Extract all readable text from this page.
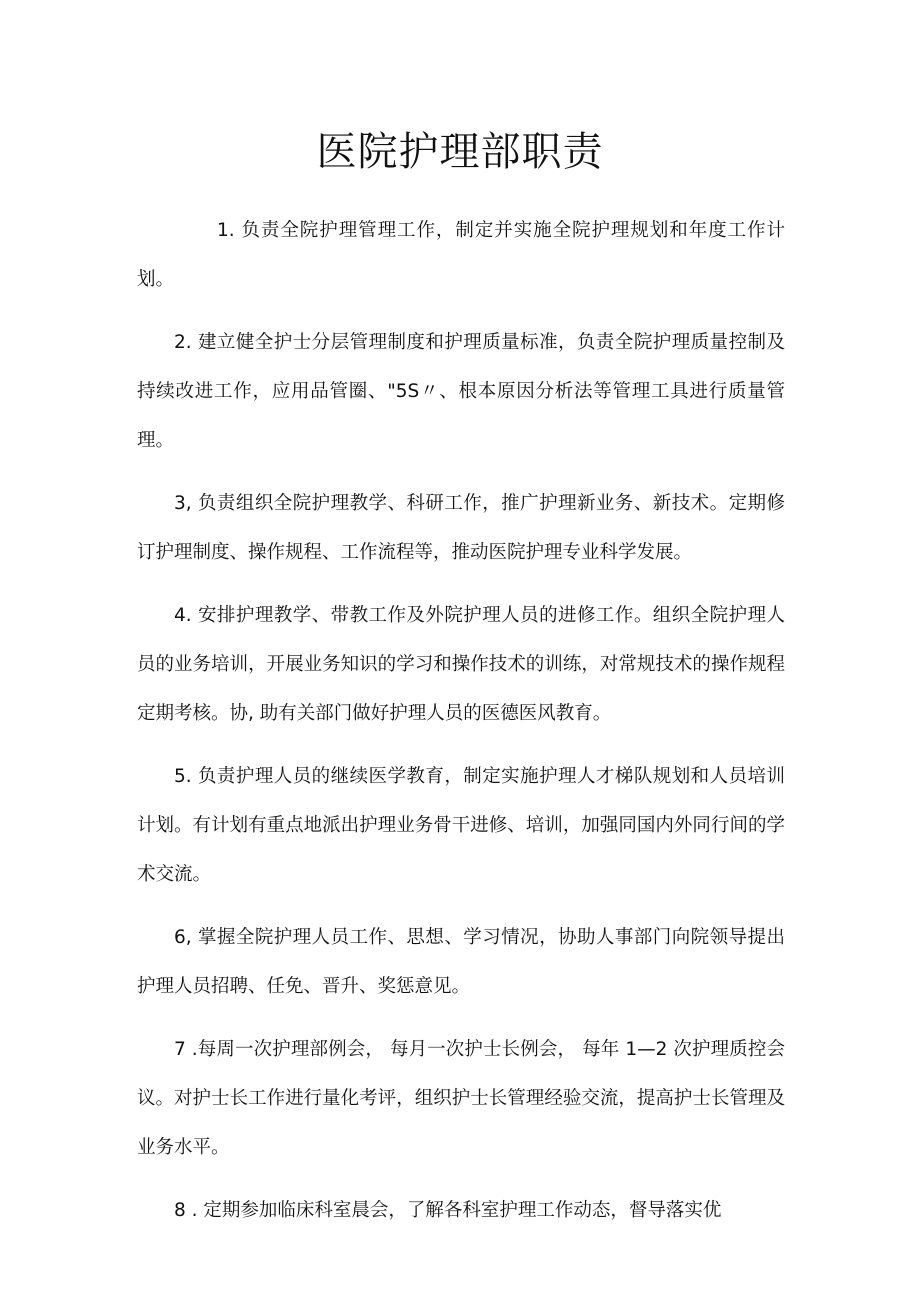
医院护理部职责

1. 负责全院护理管理工作，制定并实施全院护理规划和年度工作计划。

2. 建立健全护士分层管理制度和护理质量标准，负责全院护理质量控制及持续改进工作，应用品管圈、"5S〃、根本原因分析法等管理工具进行质量管理。

3, 负责组织全院护理教学、科研工作，推广护理新业务、新技术。定期修订护理制度、操作规程、工作流程等，推动医院护理专业科学发展。

4. 安排护理教学、带教工作及外院护理人员的进修工作。组织全院护理人员的业务培训，开展业务知识的学习和操作技术的训练，对常规技术的操作规程定期考核。协, 助有关部门做好护理人员的医德医风教育。

5. 负责护理人员的继续医学教育，制定实施护理人才梯队规划和人员培训计划。有计划有重点地派出护理业务骨干进修、培训，加强同国内外同行间的学术交流。

6, 掌握全院护理人员工作、思想、学习情况，协助人事部门向院领导提出护理人员招聘、任免、晋升、奖惩意见。

7 .每周一次护理部例会， 每月一次护士长例会， 每年 1—2 次护理质控会议。对护士长工作进行量化考评，组织护士长管理经验交流，提高护士长管理及业务水平。

8 . 定期参加临床科室晨会，了解各科室护理工作动态，督导落实优
